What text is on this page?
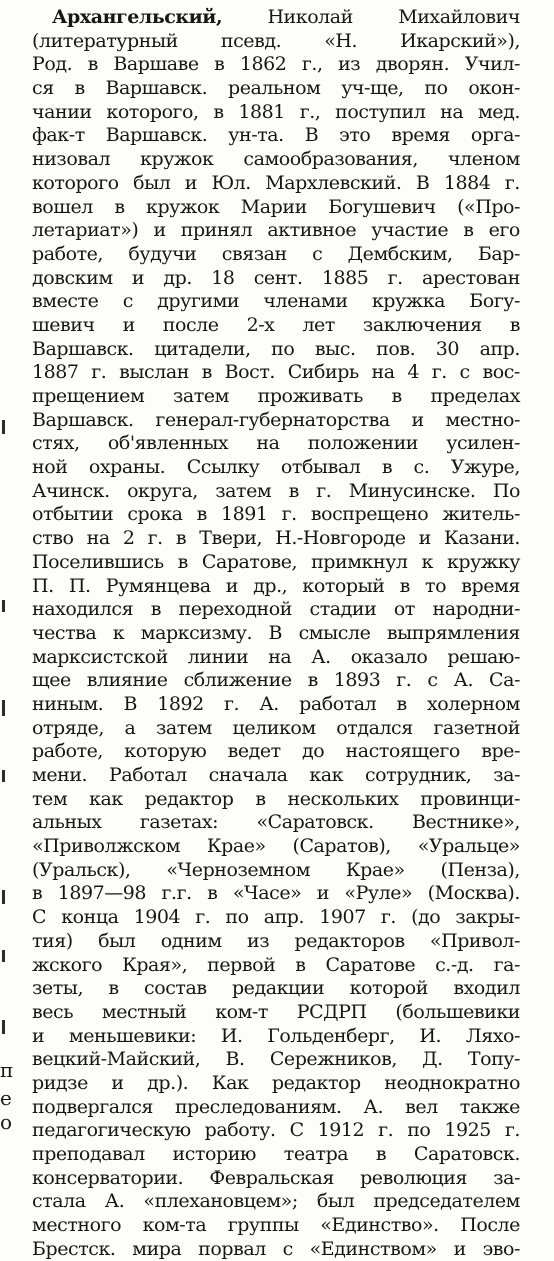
п
е
о
Архангельский, Николай Михайлович
(литературный псевд. «Н. Икарский»),
Род. в Варшаве в 1862 г., из дворян. Учил-
ся в Варшавск. реальном уч-ще, по окон-
чании которого, в 1881 г., поступил на мед.
фак-т Варшавск. ун-та. В это время орга-
низовал кружок самообразования, членом
которого был и Юл. Мархлевский. В 1884 г.
вошел в кружок Марии Богушевич («Про-
летариат») и принял активное участие в его
работе, будучи связан с Дембским, Бар-
довским и др. 18 сент. 1885 г. арестован
вместе с другими членами кружка Богу-
шевич и после 2-х лет заключения в
Варшавск. цитадели, по выс. пов. 30 апр.
1887 г. выслан в Вост. Сибирь на 4 г. с вос-
прещением затем проживать в пределах
Варшавск. генерал-губернаторства и местно-
стях, об'явленных на положении усилен-
ной охраны. Ссылку отбывал в с. Ужуре,
Ачинск. округа, затем в г. Минусинске. По
отбытии срока в 1891 г. воспрещено житель-
ство на 2 г. в Твери, Н.-Новгороде и Казани.
Поселившись в Саратове, примкнул к кружку
П. П. Румянцева и др., который в то время
находился в переходной стадии от народни-
чества к марксизму. В смысле выпрямления
марксистской линии на А. оказало решаю-
щее влияние сближение в 1893 г. с А. Са-
ниным. В 1892 г. А. работал в холерном
отряде, а затем целиком отдался газетной
работе, которую ведет до настоящего вре-
мени. Работал сначала как сотрудник, за-
тем как редактор в нескольких провинци-
альных газетах: «Саратовск. Вестнике»,
«Приволжском Крае» (Саратов), «Уральце»
(Уральск), «Черноземном Крае» (Пенза),
в 1897—98 г.г. в «Часе» и «Руле» (Москва).
С конца 1904 г. по апр. 1907 г. (до закры-
тия) был одним из редакторов «Привол-
жского Края», первой в Саратове с.-д. га-
зеты, в состав редакции которой входил
весь местный ком-т РСДРП (большевики
и меньшевики: И. Гольденберг, И. Ляхо-
вецкий-Майский, В. Сережников, Д. Топу-
ридзе и др.). Как редактор неоднократно
подвергался преследованиям. А. вел также
педагогическую работу. С 1912 г. по 1925 г.
преподавал историю театра в Саратовск.
консерватории. Февральская революция за-
стала А. «плехановцем»; был председателем
местного ком-та группы «Единство». После
Брестск. мира порвал с «Единством» и эво-
